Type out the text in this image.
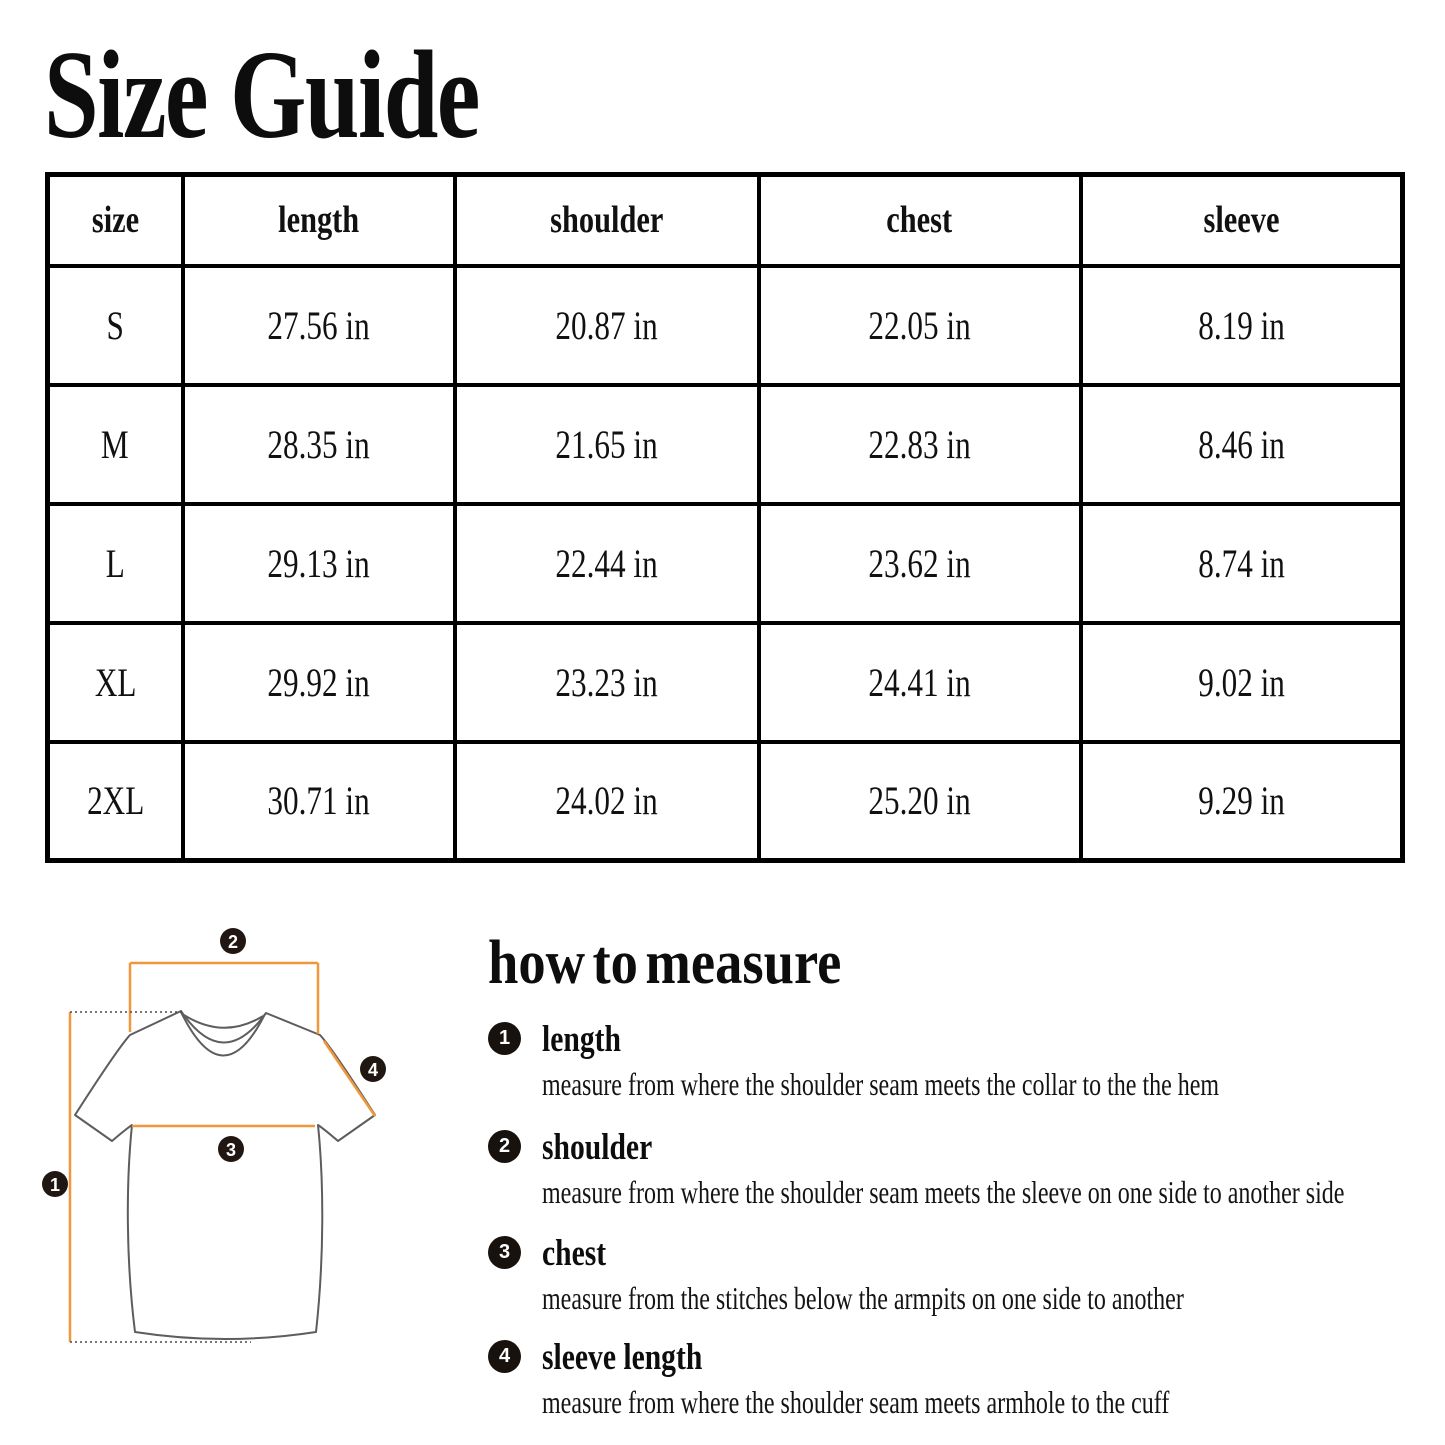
Size Guide
size	length	shoulder	chest	sleeve
S	27.56 in	20.87 in	22.05 in	8.19 in
M	28.35 in	21.65 in	22.83 in	8.46 in
L	29.13 in	22.44 in	23.62 in	8.74 in
XL	29.92 in	23.23 in	24.41 in	9.02 in
2XL	30.71 in	24.02 in	25.20 in	9.29 in
1
2
3
4
how to measure
1 length
measure from where the shoulder seam meets the collar to the the hem
2 shoulder
measure from where the shoulder seam meets the sleeve on one side to another side
3 chest
measure from the stitches below the armpits on one side to another
4 sleeve length
measure from where the shoulder seam meets armhole to the cuff
